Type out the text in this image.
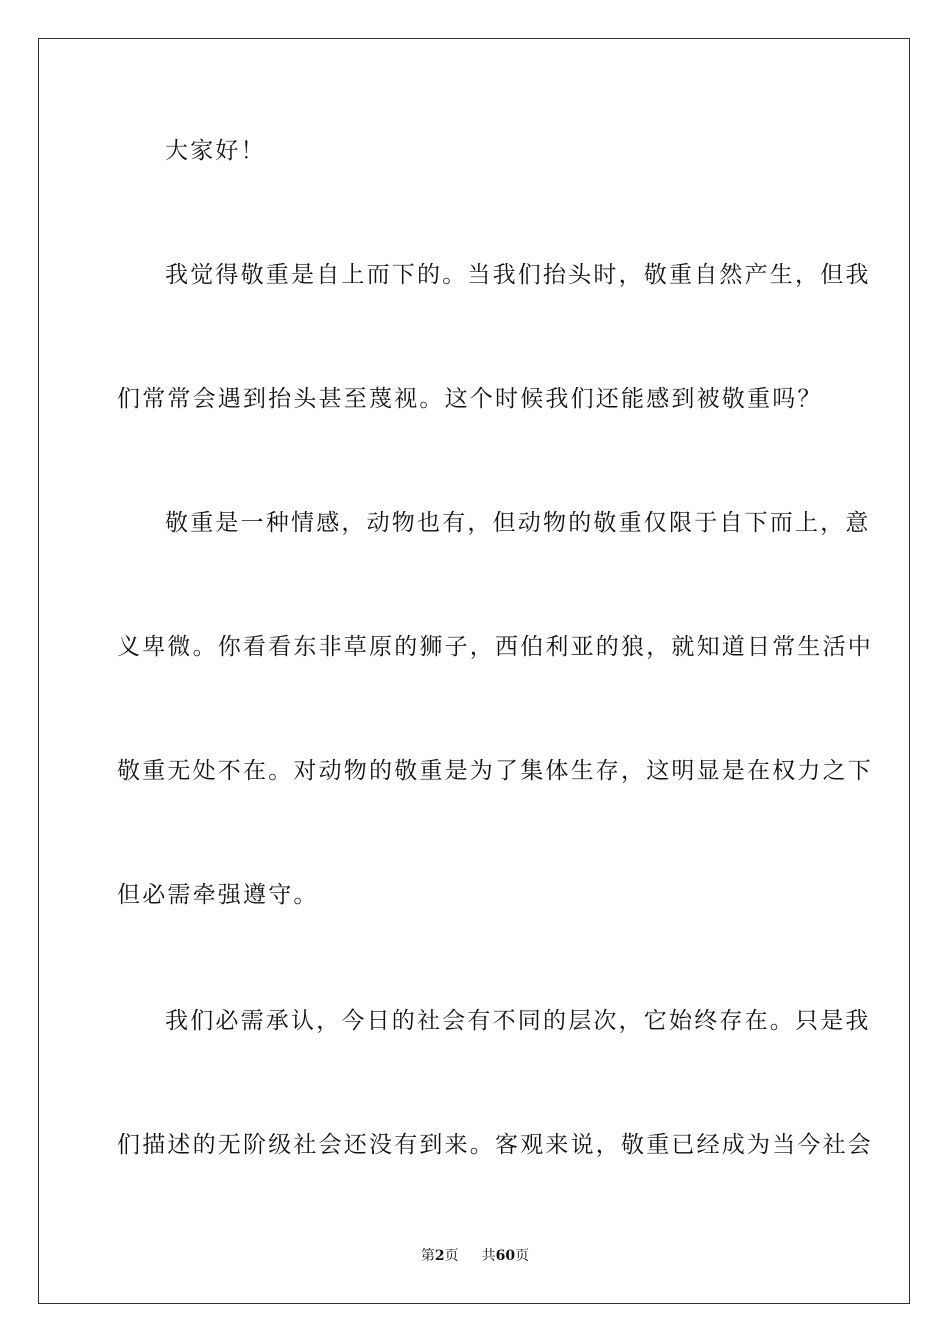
大家好！
我觉得敬重是自上而下的。当我们抬头时，敬重自然产生，但我
们常常会遇到抬头甚至蔑视。这个时候我们还能感到被敬重吗？
敬重是一种情感，动物也有，但动物的敬重仅限于自下而上，意
义卑微。你看看东非草原的狮子，西伯利亚的狼，就知道日常生活中
敬重无处不在。对动物的敬重是为了集体生存，这明显是在权力之下
但必需牵强遵守。
我们必需承认，今日的社会有不同的层次，它始终存在。只是我
们描述的无阶级社会还没有到来。客观来说，敬重已经成为当今社会
第2页 共60页
